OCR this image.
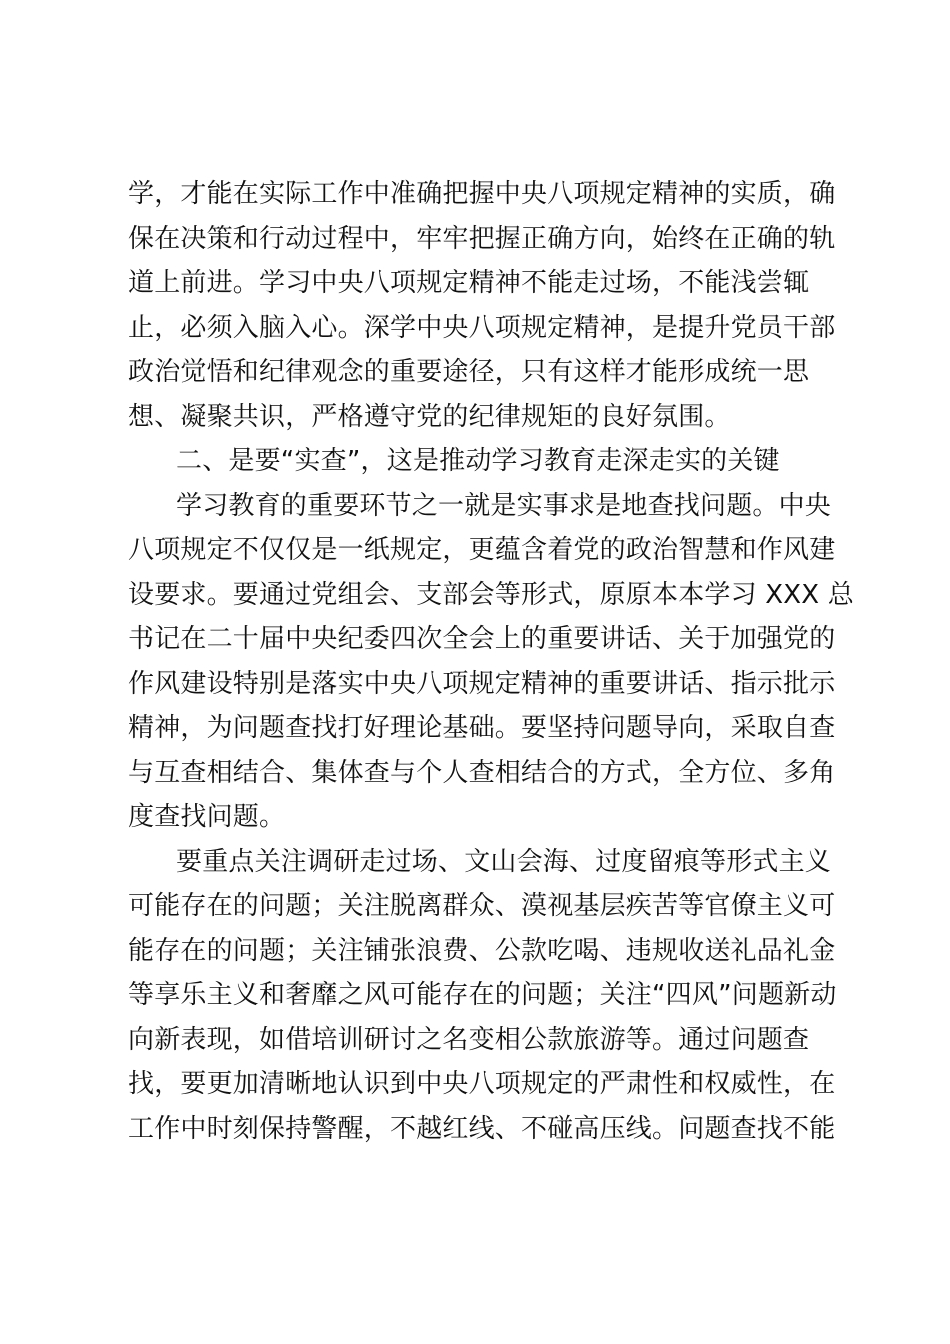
学，才能在实际工作中准确把握中央八项规定精神的实质，确
保在决策和行动过程中，牢牢把握正确方向，始终在正确的轨
道上前进。学习中央八项规定精神不能走过场，不能浅尝辄
止，必须入脑入心。深学中央八项规定精神，是提升党员干部
政治觉悟和纪律观念的重要途径，只有这样才能形成统一思
想、凝聚共识，严格遵守党的纪律规矩的良好氛围。
二、是要“实查”，这是推动学习教育走深走实的关键
学习教育的重要环节之一就是实事求是地查找问题。中央
八项规定不仅仅是一纸规定，更蕴含着党的政治智慧和作风建
设要求。要通过党组会、支部会等形式，原原本本学习 XXX 总
书记在二十届中央纪委四次全会上的重要讲话、关于加强党的
作风建设特别是落实中央八项规定精神的重要讲话、指示批示
精神，为问题查找打好理论基础。要坚持问题导向，采取自查
与互查相结合、集体查与个人查相结合的方式，全方位、多角
度查找问题。
要重点关注调研走过场、文山会海、过度留痕等形式主义
可能存在的问题；关注脱离群众、漠视基层疾苦等官僚主义可
能存在的问题；关注铺张浪费、公款吃喝、违规收送礼品礼金
等享乐主义和奢靡之风可能存在的问题；关注“四风”问题新动
向新表现，如借培训研讨之名变相公款旅游等。通过问题查
找，要更加清晰地认识到中央八项规定的严肃性和权威性，在
工作中时刻保持警醒，不越红线、不碰高压线。问题查找不能
